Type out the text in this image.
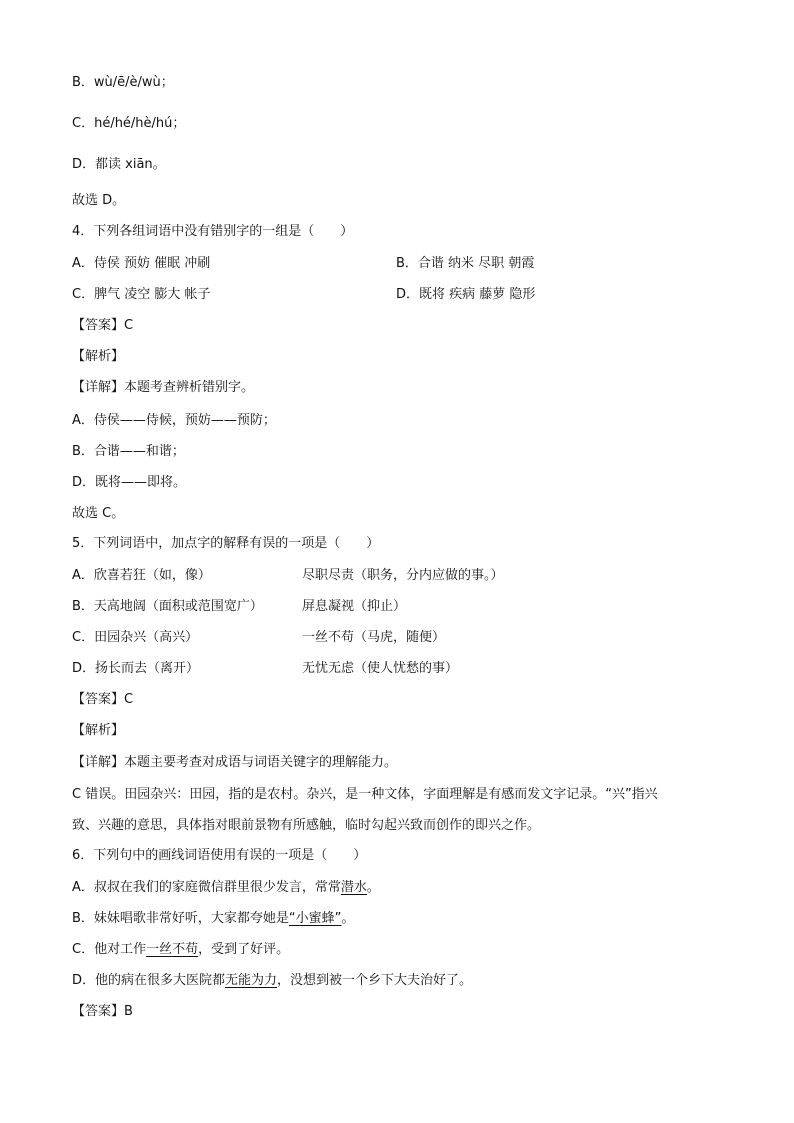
B．wù/ē/è/wù；
C．hé/hé/hè/hú；
D．都读 xiān。
故选 D。
4．下列各组词语中没有错别字的一组是（　　）
A．侍侯 预妨 催眠 冲刷	B．合谐 纳米 尽职 朝霞
C．脾气 凌空 膨大 帐子	D．既将 疾病 藤萝 隐形
【答案】C
【解析】
【详解】本题考查辨析错别字。
A．侍侯——侍候，预妨——预防；
B．合谐——和谐；
D．既将——即将。
故选 C。
5．下列词语中，加点字的解释有误的一项是（　　）
A．欣喜若狂（如，像）	尽职尽责（职务，分内应做的事。）
B．天高地阔（面积或范围宽广）	屏息凝视（抑止）
C．田园杂兴（高兴）	一丝不苟（马虎，随便）
D．扬长而去（离开）	无忧无虑（使人忧愁的事）
【答案】C
【解析】
【详解】本题主要考查对成语与词语关键字的理解能力。
C 错误。田园杂兴：田园，指的是农村。杂兴，是一种文体，字面理解是有感而发文字记录。“兴”指兴
致、兴趣的意思，具体指对眼前景物有所感触，临时勾起兴致而创作的即兴之作。
6．下列句中的画线词语使用有误的一项是（　　）
A．叔叔在我们的家庭微信群里很少发言，常常潜水。
B．妹妹唱歌非常好听，大家都夸她是“小蜜蜂”。
C．他对工作一丝不苟，受到了好评。
D．他的病在很多大医院都无能为力，没想到被一个乡下大夫治好了。
【答案】B
